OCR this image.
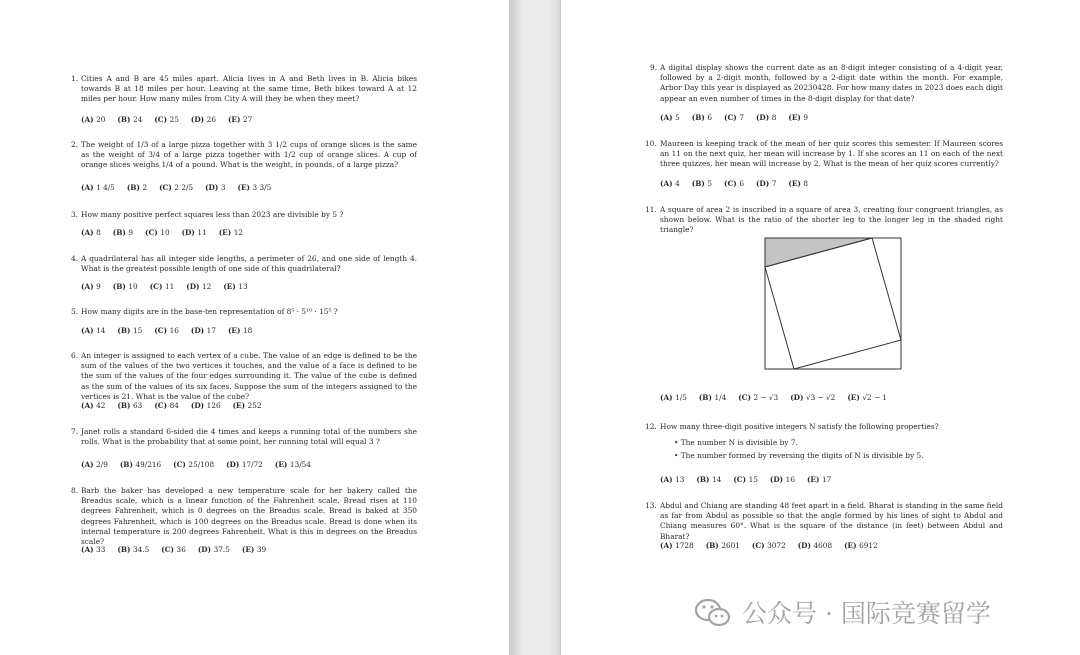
1. Cities A and B are 45 miles apart. Alicia lives in A and Beth lives in B. Alicia bikes towards B at 18 miles per hour. Leaving at the same time, Beth bikes toward A at 12 miles per hour. How many miles from City A will they be when they meet?
(A) 20 (B) 24 (C) 25 (D) 26 (E) 27
2. The weight of 1/3 of a large pizza together with 3 1/2 cups of orange slices is the same as the weight of 3/4 of a large pizza together with 1/2 cup of orange slices. A cup of orange slices weighs 1/4 of a pound. What is the weight, in pounds, of a large pizza?
(A) 1 4/5 (B) 2 (C) 2 2/5 (D) 3 (E) 3 3/5
3. How many positive perfect squares less than 2023 are divisible by 5 ?
(A) 8 (B) 9 (C) 10 (D) 11 (E) 12
4. A quadrilateral has all integer side lengths, a perimeter of 26, and one side of length 4. What is the greatest possible length of one side of this quadrilateral?
(A) 9 (B) 10 (C) 11 (D) 12 (E) 13
5. How many digits are in the base-ten representation of 8⁵ · 5¹⁰ · 15⁵ ?
(A) 14 (B) 15 (C) 16 (D) 17 (E) 18
6. An integer is assigned to each vertex of a cube. The value of an edge is defined to be the sum of the values of the two vertices it touches, and the value of a face is defined to be the sum of the values of the four edges surrounding it. The value of the cube is defined as the sum of the values of its six faces. Suppose the sum of the integers assigned to the vertices is 21. What is the value of the cube?
(A) 42 (B) 63 (C) 84 (D) 126 (E) 252
7. Janet rolls a standard 6-sided die 4 times and keeps a running total of the numbers she rolls. What is the probability that at some point, her running total will equal 3 ?
(A) 2/9 (B) 49/216 (C) 25/108 (D) 17/72 (E) 13/54
8. Barb the baker has developed a new temperature scale for her bakery called the Breadus scale, which is a linear function of the Fahrenheit scale. Bread rises at 110 degrees Fahrenheit, which is 0 degrees on the Breadus scale. Bread is baked at 350 degrees Fahrenheit, which is 100 degrees on the Breadus scale. Bread is done when its internal temperature is 200 degrees Fahrenheit. What is this in degrees on the Breadus scale?
(A) 33 (B) 34.5 (C) 36 (D) 37.5 (E) 39
9. A digital display shows the current date as an 8-digit integer consisting of a 4-digit year, followed by a 2-digit month, followed by a 2-digit date within the month. For example, Arbor Day this year is displayed as 20230428. For how many dates in 2023 does each digit appear an even number of times in the 8-digit display for that date?
(A) 5 (B) 6 (C) 7 (D) 8 (E) 9
10. Maureen is keeping track of the mean of her quiz scores this semester. If Maureen scores an 11 on the next quiz, her mean will increase by 1. If she scores an 11 on each of the next three quizzes, her mean will increase by 2. What is the mean of her quiz scores currently?
(A) 4 (B) 5 (C) 6 (D) 7 (E) 8
11. A square of area 2 is inscribed in a square of area 3, creating four congruent triangles, as shown below. What is the ratio of the shorter leg to the longer leg in the shaded right triangle?
(A) 1/5 (B) 1/4 (C) 2 − √3 (D) √3 − √2 (E) √2 − 1
12. How many three-digit positive integers N satisfy the following properties?
• The number N is divisible by 7.
• The number formed by reversing the digits of N is divisible by 5.
(A) 13 (B) 14 (C) 15 (D) 16 (E) 17
13. Abdul and Chiang are standing 48 feet apart in a field. Bharat is standing in the same field as far from Abdul as possible so that the angle formed by his lines of sight to Abdul and Chiang measures 60°. What is the square of the distance (in feet) between Abdul and Bharat?
(A) 1728 (B) 2601 (C) 3072 (D) 4608 (E) 6912
公众号 · 国际竞赛留学
